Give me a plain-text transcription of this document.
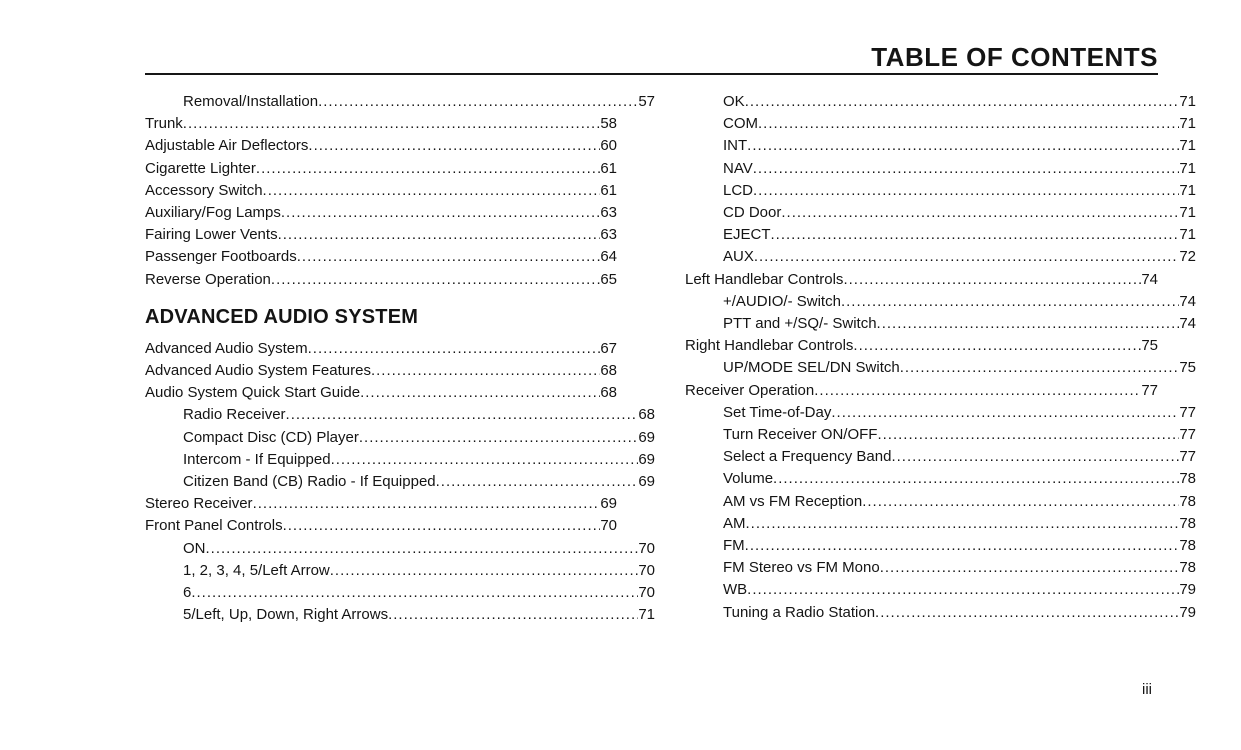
TABLE OF CONTENTS
Removal/Installation .....	57
Trunk .....	58
Adjustable Air Deflectors .....	60
Cigarette Lighter .....	61
Accessory Switch .....	61
Auxiliary/Fog Lamps .....	63
Fairing Lower Vents .....	63
Passenger Footboards .....	64
Reverse Operation .....	65
ADVANCED AUDIO SYSTEM
Advanced Audio System .....	67
Advanced Audio System Features .....	68
Audio System Quick Start Guide .....	68
Radio Receiver .....	68
Compact Disc (CD) Player .....	69
Intercom - If Equipped .....	69
Citizen Band (CB) Radio - If Equipped .....	69
Stereo Receiver .....	69
Front Panel Controls .....	70
ON .....	70
1, 2, 3, 4, 5/Left Arrow .....	70
6 .....	70
5/Left, Up, Down, Right Arrows .....	71
OK .....	71
COM .....	71
INT .....	71
NAV .....	71
LCD .....	71
CD Door .....	71
EJECT .....	71
AUX .....	72
Left Handlebar Controls .....	74
+/AUDIO/- Switch .....	74
PTT and +/SQ/- Switch .....	74
Right Handlebar Controls .....	75
UP/MODE SEL/DN Switch .....	75
Receiver Operation .....	77
Set Time-of-Day .....	77
Turn Receiver ON/OFF .....	77
Select a Frequency Band .....	77
Volume .....	78
AM vs FM Reception .....	78
AM .....	78
FM .....	78
FM Stereo vs FM Mono .....	78
WB .....	79
Tuning a Radio Station .....	79
iii
